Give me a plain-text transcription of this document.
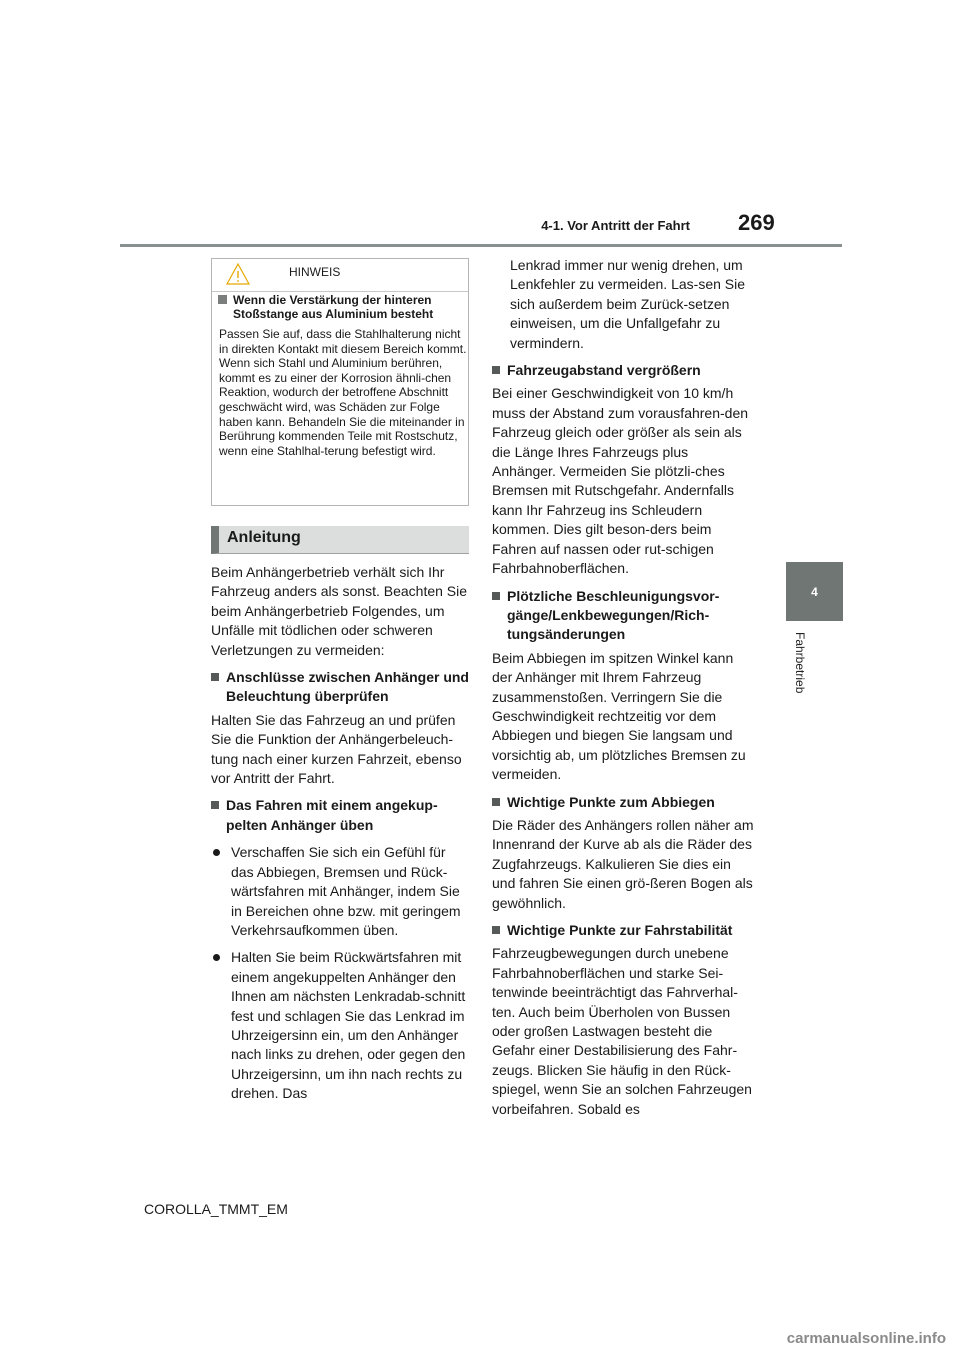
4-1. Vor Antritt der Fahrt 269
4
Fahrbetrieb
HINWEIS
Wenn die Verstärkung der hinteren Stoßstange aus Aluminium besteht

Passen Sie auf, dass die Stahlhalterung nicht in direkten Kontakt mit diesem Bereich kommt.

Wenn sich Stahl und Aluminium berühren, kommt es zu einer der Korrosion ähnli-chen Reaktion, wodurch der betroffene Abschnitt geschwächt wird, was Schäden zur Folge haben kann. Behandeln Sie die miteinander in Berührung kommenden Teile mit Rostschutz, wenn eine Stahlhal-terung befestigt wird.

Anleitung

Beim Anhängerbetrieb verhält sich Ihr Fahrzeug anders als sonst. Beachten Sie beim Anhängerbetrieb Folgendes, um Unfälle mit tödlichen oder schweren Verletzungen zu vermeiden:

Anschlüsse zwischen Anhänger und Beleuchtung überprüfen

Halten Sie das Fahrzeug an und prüfen Sie die Funktion der Anhängerbeleuch-tung nach einer kurzen Fahrzeit, ebenso vor Antritt der Fahrt.

Das Fahren mit einem angekup-pelten Anhänger üben

Verschaffen Sie sich ein Gefühl für das Abbiegen, Bremsen und Rück-wärtsfahren mit Anhänger, indem Sie in Bereichen ohne bzw. mit geringem Verkehrsaufkommen üben.

Halten Sie beim Rückwärtsfahren mit einem angekuppelten Anhänger den Ihnen am nächsten Lenkradab-schnitt fest und schlagen Sie das Lenkrad im Uhrzeigersinn ein, um den Anhänger nach links zu drehen, oder gegen den Uhrzeigersinn, um ihn nach rechts zu drehen. Das

Lenkrad immer nur wenig drehen, um Lenkfehler zu vermeiden. Las-sen Sie sich außerdem beim Zurück-setzen einweisen, um die Unfallgefahr zu vermindern.

Fahrzeugabstand vergrößern

Bei einer Geschwindigkeit von 10 km/h muss der Abstand zum vorausfahren-den Fahrzeug gleich oder größer als sein als die Länge Ihres Fahrzeugs plus Anhänger. Vermeiden Sie plötzli-ches Bremsen mit Rutschgefahr. Andernfalls kann Ihr Fahrzeug ins Schleudern kommen. Dies gilt beson-ders beim Fahren auf nassen oder rut-schigen Fahrbahnoberflächen.

Plötzliche Beschleunigungsvor-gänge/Lenkbewegungen/Rich-tungsänderungen

Beim Abbiegen im spitzen Winkel kann der Anhänger mit Ihrem Fahrzeug zusammenstoßen. Verringern Sie die Geschwindigkeit rechtzeitig vor dem Abbiegen und biegen Sie langsam und vorsichtig ab, um plötzliches Bremsen zu vermeiden.

Wichtige Punkte zum Abbiegen

Die Räder des Anhängers rollen näher am Innenrand der Kurve ab als die Räder des Zugfahrzeugs. Kalkulieren Sie dies ein und fahren Sie einen grö-ßeren Bogen als gewöhnlich.

Wichtige Punkte zur Fahrstabilität

Fahrzeugbewegungen durch unebene Fahrbahnoberflächen und starke Sei-tenwinde beeinträchtigt das Fahrverhal-ten. Auch beim Überholen von Bussen oder großen Lastwagen besteht die Gefahr einer Destabilisierung des Fahr-zeugs. Blicken Sie häufig in den Rück-spiegel, wenn Sie an solchen Fahrzeugen vorbeifahren. Sobald es

COROLLA_TMMT_EM
carmanualsonline.info
